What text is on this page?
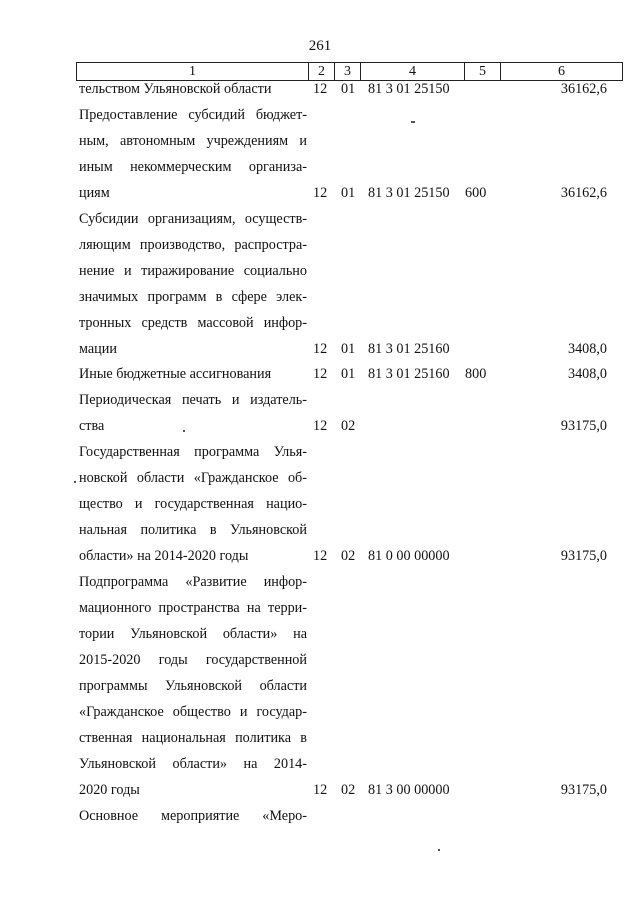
261
1	2	3	4	5	6
тельством Ульяновской области	12 01 81 3 01 25150	36162,6
Предоставление субсидий бюджет-
ным, автономным учреждениям и
иным некоммерческим организа-
циям	12 01 81 3 01 25150	600	36162,6
Субсидии организациям, осуществ-
ляющим производство, распростра-
нение и тиражирование социально
значимых программ в сфере элек-
тронных средств массовой инфор-
мации	12 01 81 3 01 25160	3408,0
Иные бюджетные ассигнования	12 01 81 3 01 25160	800	3408,0
Периодическая печать и издатель-
ства	12 02	93175,0
Государственная программа Улья-
новской области «Гражданское об-
щество и государственная нацио-
нальная политика в Ульяновской
области» на 2014-2020 годы	12 02 81 0 00 00000	93175,0
Подпрограмма «Развитие инфор-
мационного пространства на терри-
тории Ульяновской области» на
2015-2020 годы государственной
программы Ульяновской области
«Гражданское общество и государ-
ственная национальная политика в
Ульяновской области» на 2014-
2020 годы	12 02 81 3 00 00000	93175,0
Основное мероприятие «Меро-
